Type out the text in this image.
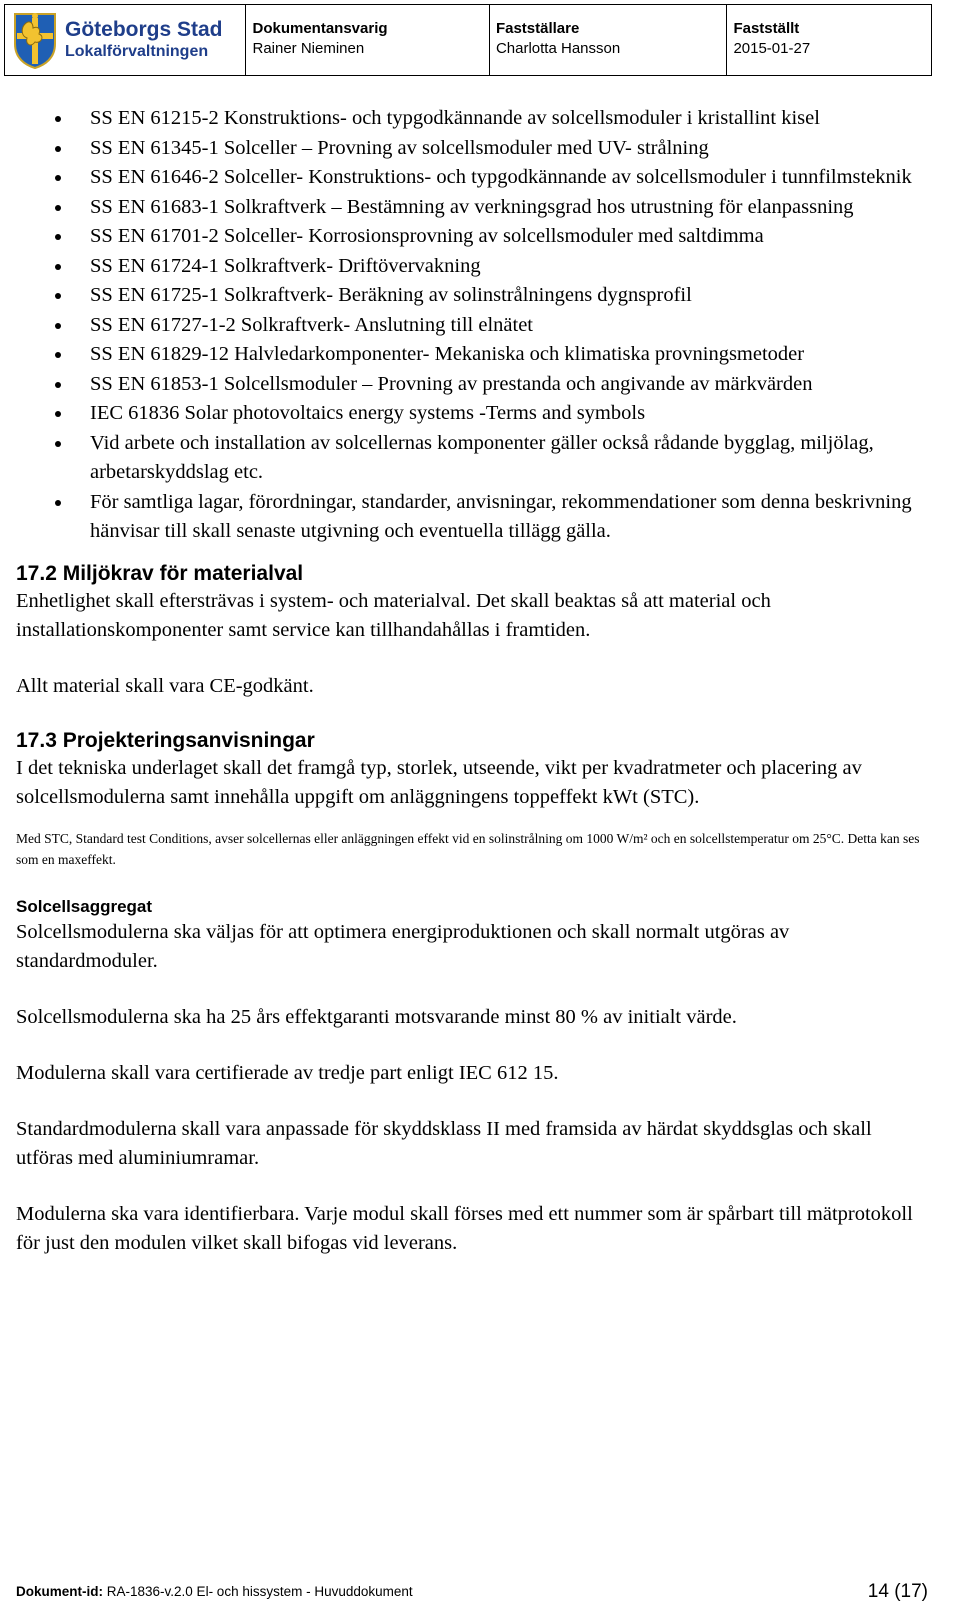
Göteborgs Stad
Lokalförvaltningen
Dokumentansvarig
Rainer Nieminen
Fastställare
Charlotta Hansson
Fastställt
2015-01-27
SS EN 61215-2 Konstruktions- och typgodkännande av solcellsmoduler i kristallint kisel
SS EN 61345-1 Solceller – Provning av solcellsmoduler med UV- strålning
SS EN 61646-2 Solceller- Konstruktions- och typgodkännande av solcellsmoduler i tunnfilmsteknik
SS EN 61683-1 Solkraftverk – Bestämning av verkningsgrad hos utrustning för elanpassning
SS EN 61701-2 Solceller- Korrosionsprovning av solcellsmoduler med saltdimma
SS EN 61724-1 Solkraftverk- Driftövervakning
SS EN 61725-1 Solkraftverk- Beräkning av solinstrålningens dygnsprofil
SS EN 61727-1-2 Solkraftverk- Anslutning till elnätet
SS EN 61829-12 Halvledarkomponenter- Mekaniska och klimatiska provningsmetoder
SS EN 61853-1 Solcellsmoduler – Provning av prestanda och angivande av märkvärden
IEC 61836 Solar photovoltaics energy systems -Terms and symbols
Vid arbete och installation av solcellernas komponenter gäller också rådande bygglag, miljölag, arbetarskyddslag etc.
För samtliga lagar, förordningar, standarder, anvisningar, rekommendationer som denna beskrivning hänvisar till skall senaste utgivning och eventuella tillägg gälla.
17.2 Miljökrav för materialval

Enhetlighet skall eftersträvas i system- och materialval. Det skall beaktas så att material och installationskomponenter samt service kan tillhandahållas i framtiden.

Allt material skall vara CE-godkänt.

17.3 Projekteringsanvisningar

I det tekniska underlaget skall det framgå typ, storlek, utseende, vikt per kvadratmeter och placering av solcellsmodulerna samt innehålla uppgift om anläggningens toppeffekt kWt (STC).

Med STC, Standard test Conditions, avser solcellernas eller anläggningen effekt vid en solinstrålning om 1000 W/m² och en solcellstemperatur om 25°C. Detta kan ses som en maxeffekt.

Solcellsaggregat

Solcellsmodulerna ska väljas för att optimera energiproduktionen och skall normalt utgöras av standardmoduler.

Solcellsmodulerna ska ha 25 års effektgaranti motsvarande minst 80 % av initialt värde.

Modulerna skall vara certifierade av tredje part enligt IEC 612 15.

Standardmodulerna skall vara anpassade för skyddsklass II med framsida av härdat skyddsglas och skall utföras med aluminiumramar.

Modulerna ska vara identifierbara. Varje modul skall förses med ett nummer som är spårbart till mätprotokoll för just den modulen vilket skall bifogas vid leverans.

Dokument-id: RA-1836-v.2.0 El- och hissystem - Huvuddokument	14 (17)
